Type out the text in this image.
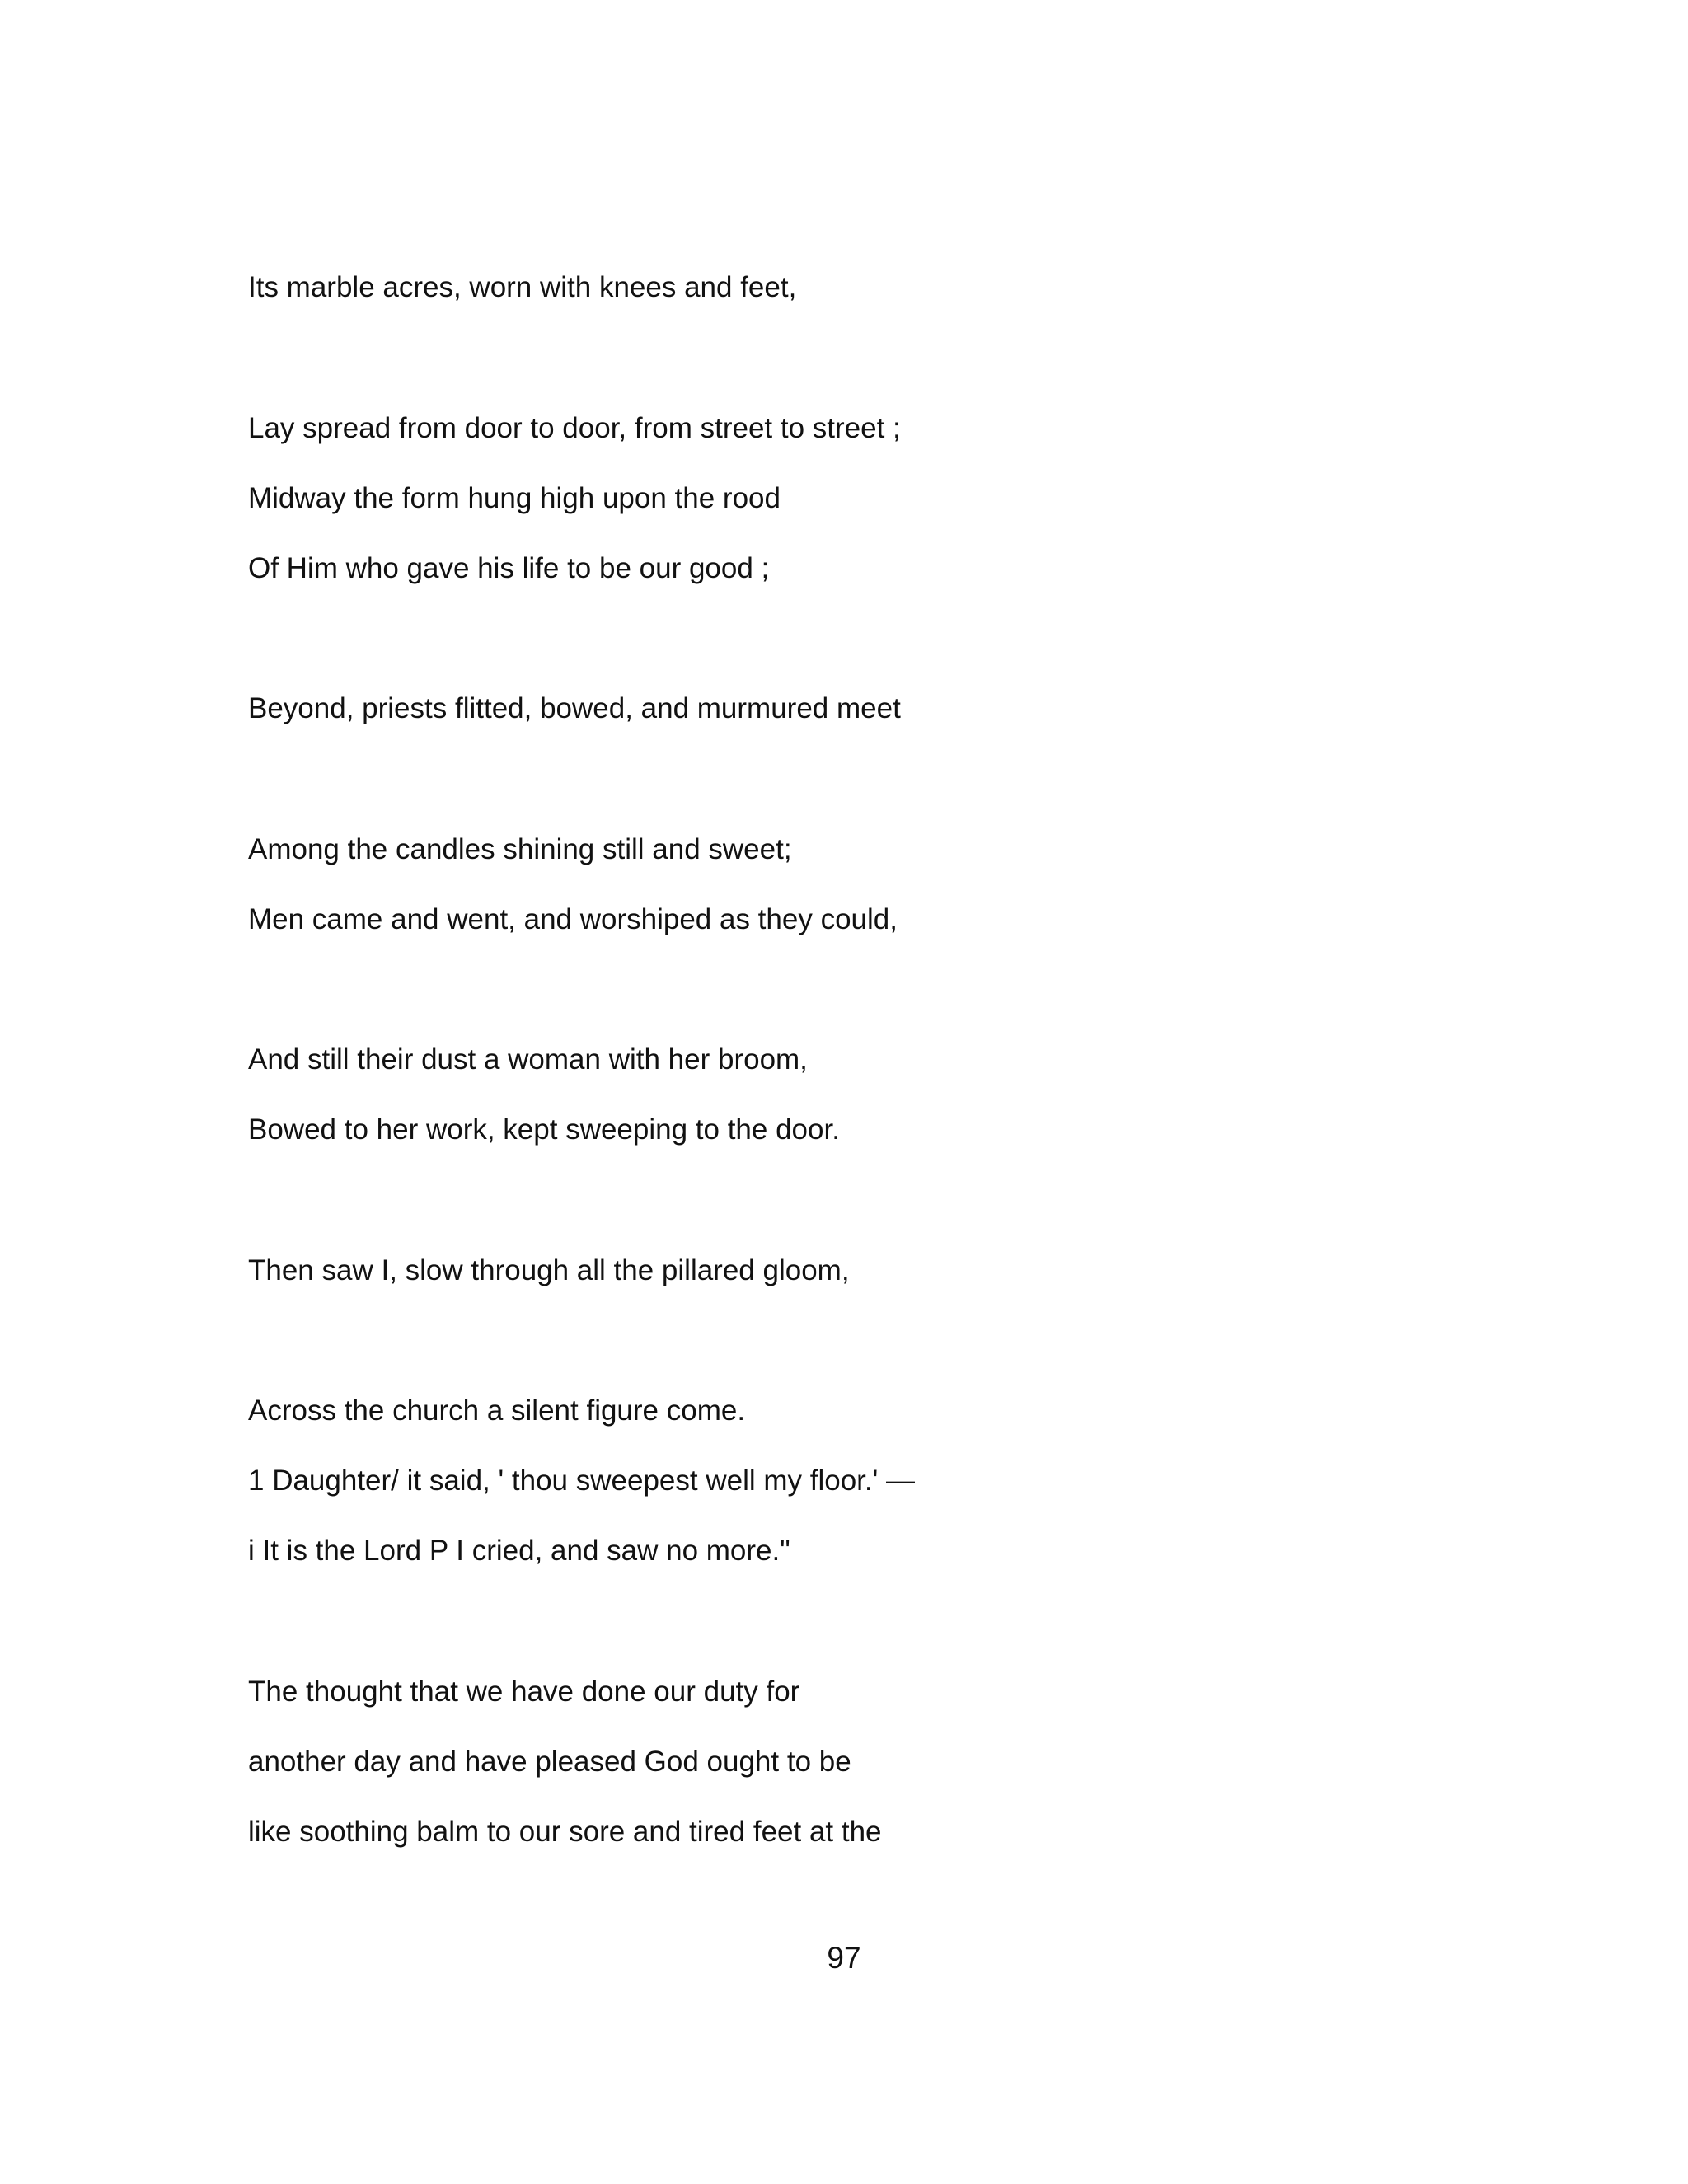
Its marble acres, worn with knees and feet,
Lay spread from door to door, from street to street ;
Midway the form hung high upon the rood
Of Him who gave his life to be our good ;
Beyond, priests flitted, bowed, and murmured meet
Among the candles shining still and sweet;
Men came and went, and worshiped as they could,
And still their dust a woman with her broom,
Bowed to her work, kept sweeping to the door.
Then saw I, slow through all the pillared gloom,
Across the church a silent figure come.
1 Daughter/ it said, ' thou sweepest well my floor.' —
i It is the Lord P I cried, and saw no more."
The thought that we have done our duty for
another day and have pleased God ought to be
like soothing balm to our sore and tired feet at the
97
